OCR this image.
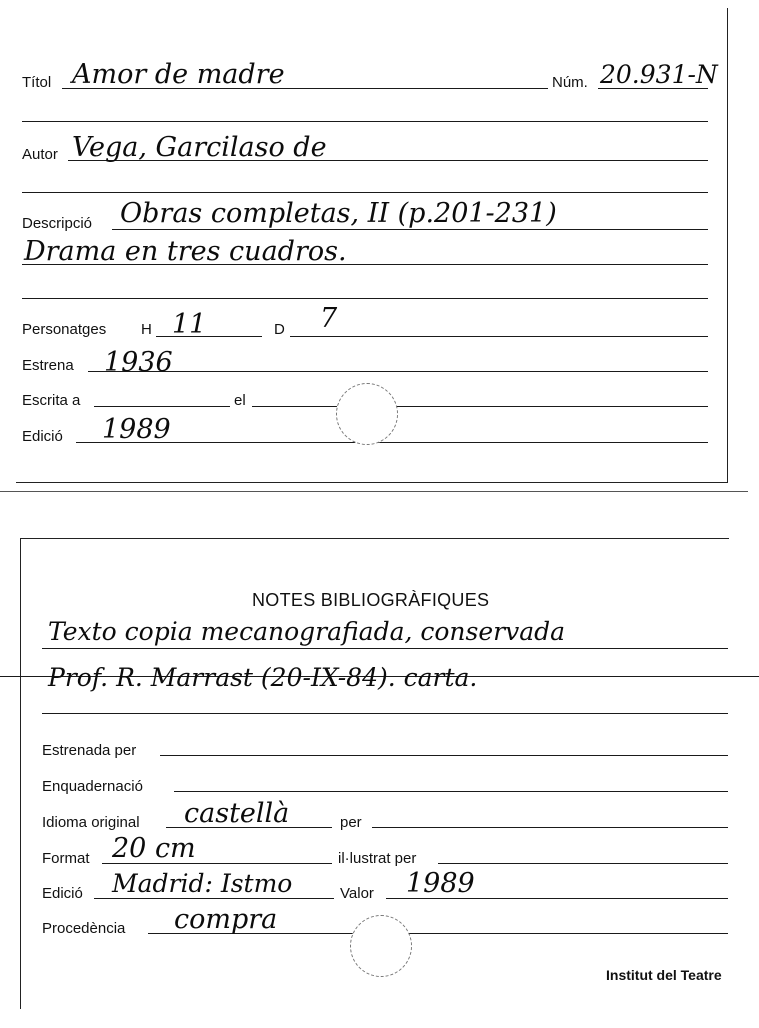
Títol Amor de madre	Núm. 20.931-N
Autor Vega, Garcilaso de
Descripció Obras completas, II (p.201-231)
Drama en tres cuadros.
Personatges H 11	D 7
Estrena 1936
Escrita a	el
Edició 1989
NOTES BIBLIOGRÀFIQUES
Texto copia mecanografiada, conservada
Prof. R. Marrast (20-IX-84). carta.
Estrenada per
Enquadernació
Idioma original castellà	per
Format 20 cm	il·lustrat per
Edició Madrid: Istmo	Valor 1989
Procedència compra
Institut del Teatre
